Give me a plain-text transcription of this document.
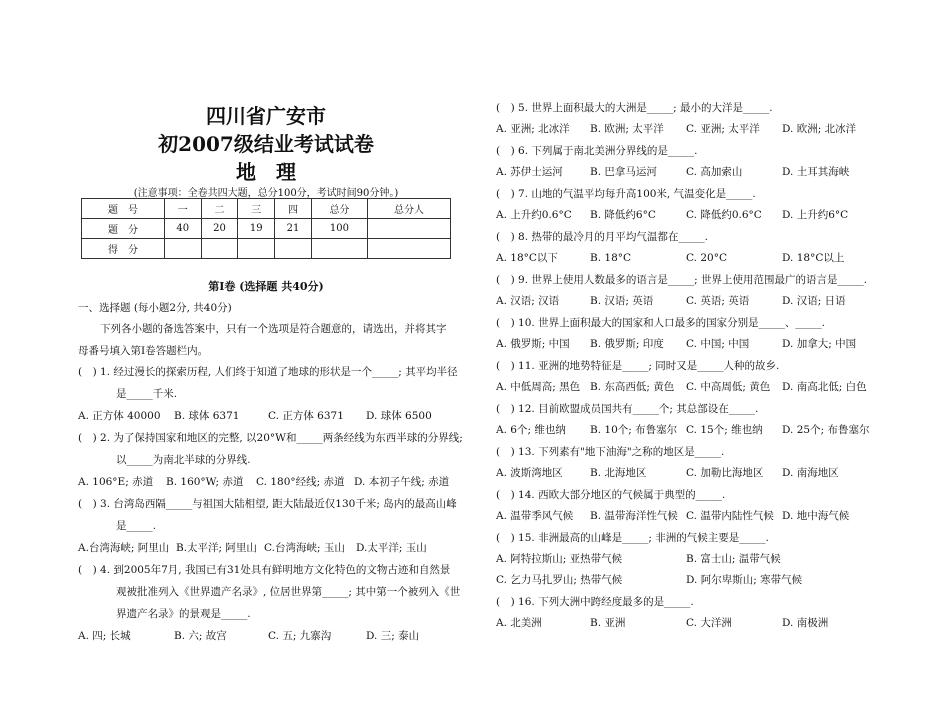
四川省广安市
初2007级结业考试试卷
地　理
(注意事项：全卷共四大题，总分100分，考试时间90分钟。)
题　号	一	二	三	四	总分	总分人
题　分	40	20	19	21	100	
得　分						
第Ⅰ卷 (选择题 共40分)
一、选择题 (每小题2分, 共40分)
下列各小题的备选答案中，只有一个选项是符合题意的，请选出，并将其字
母番号填入第Ⅰ卷答题栏内。
(　) 1. 经过漫长的探索历程, 人们终于知道了地球的形状是一个_____; 其平均半径
是_____千米.
A. 正方体 40000 B. 球体 6371	C. 正方体 6371 D. 球体 6500
(　) 2. 为了保持国家和地区的完整, 以20°W和_____两条经线为东西半球的分界线;
以_____为南北半球的分界线.
A. 106°E; 赤道 B. 160°W; 赤道 C. 180°经线; 赤道 D. 本初子午线; 赤道
(　) 3. 台湾岛西隔_____与祖国大陆相望, 距大陆最近仅130千米; 岛内的最高山峰
是_____.
A.台湾海峡; 阿里山 B.太平洋; 阿里山 C.台湾海峡; 玉山 D.太平洋; 玉山
(　) 4. 到2005年7月, 我国已有31处具有鲜明地方文化特色的文物古迹和自然景
观被批准列入《世界遗产名录》, 位居世界第_____; 其中第一个被列入《世
界遗产名录》的景观是_____.
A. 四; 长城	B. 六; 故宫	C. 五; 九寨沟	D. 三; 泰山
(　) 5. 世界上面积最大的大洲是_____; 最小的大洋是_____.
A. 亚洲; 北冰洋 B. 欧洲; 太平洋 C. 亚洲; 太平洋 D. 欧洲; 北冰洋
(　) 6. 下列属于南北美洲分界线的是_____.
A. 苏伊士运河	B. 巴拿马运河	C. 高加索山	D. 土耳其海峡
(　) 7. 山地的气温平均每升高100米, 气温变化是_____.
A. 上升约0.6°C B. 降低约6°C	C. 降低约0.6°C D. 上升约6°C
(　) 8. 热带的最冷月的月平均气温都在_____.
A. 18°C以下	B. 18°C	C. 20°C	D. 18°C以上
(　) 9. 世界上使用人数最多的语言是_____; 世界上使用范围最广的语言是_____.
A. 汉语; 汉语	B. 汉语; 英语	C. 英语; 英语	D. 汉语; 日语
(　) 10. 世界上面积最大的国家和人口最多的国家分别是_____、_____.
A. 俄罗斯; 中国 B. 俄罗斯; 印度 C. 中国; 中国	D. 加拿大; 中国
(　) 11. 亚洲的地势特征是_____; 同时又是_____人种的故乡.
A. 中低周高; 黑色 B. 东高西低; 黄色 C. 中高周低; 黄色 D. 南高北低; 白色
(　) 12. 目前欧盟成员国共有_____个; 其总部设在_____.
A. 6个; 维也纳 B. 10个; 布鲁塞尔 C. 15个; 维也纳 D. 25个; 布鲁塞尔
(　) 13. 下列素有"地下油海"之称的地区是_____.
A. 波斯湾地区	B. 北海地区	C. 加勒比海地区 D. 南海地区
(　) 14. 西欧大部分地区的气候属于典型的_____.
A. 温带季风气候 B. 温带海洋性气候 C. 温带内陆性气候 D. 地中海气候
(　) 15. 非洲最高的山峰是_____; 非洲的气候主要是_____.
A. 阿特拉斯山; 亚热带气候	B. 富士山; 温带气候
C. 乞力马扎罗山; 热带气候	D. 阿尔卑斯山; 寒带气候
(　) 16. 下列大洲中跨经度最多的是_____.
A. 北美洲	B. 亚洲	C. 大洋洲	D. 南极洲
